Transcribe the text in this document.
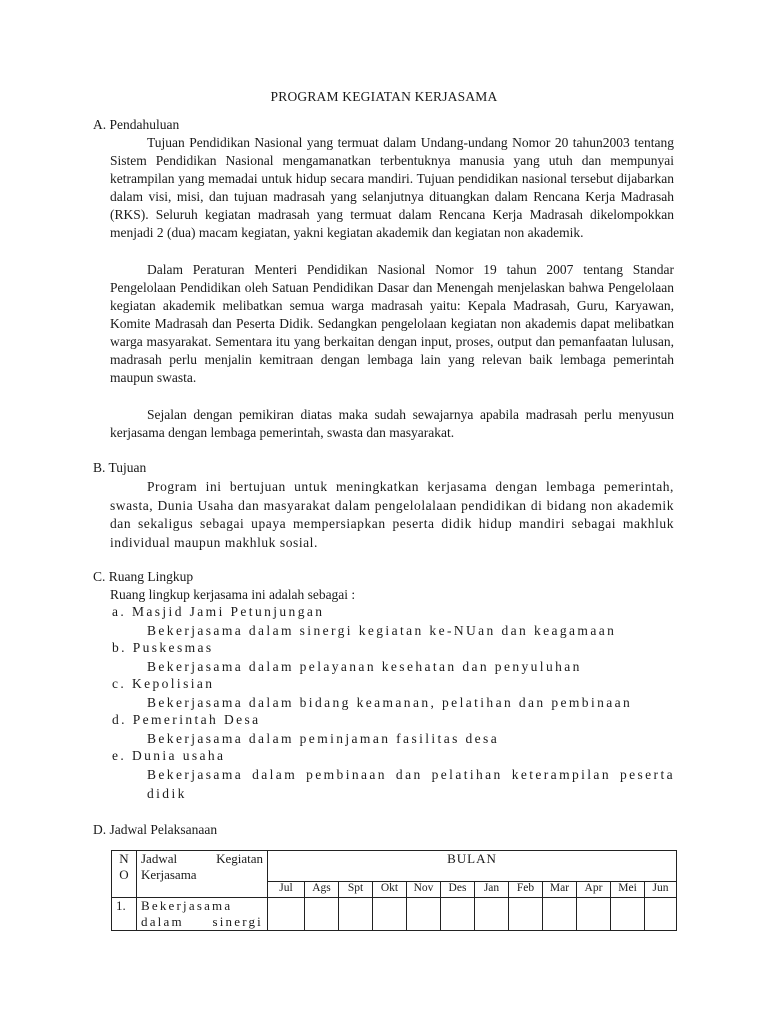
PROGRAM KEGIATAN KERJASAMA
A. Pendahuluan

Tujuan Pendidikan Nasional yang termuat dalam Undang-undang Nomor 20 tahun2003 tentang Sistem Pendidikan Nasional mengamanatkan terbentuknya manusia yang utuh dan mempunyai ketrampilan yang memadai untuk hidup secara mandiri. Tujuan pendidikan nasional tersebut dijabarkan dalam visi, misi, dan tujuan madrasah yang selanjutnya dituangkan dalam Rencana Kerja Madrasah (RKS). Seluruh kegiatan madrasah yang termuat dalam Rencana Kerja Madrasah dikelompokkan menjadi 2 (dua) macam kegiatan, yakni kegiatan akademik dan kegiatan non akademik.

Dalam Peraturan Menteri Pendidikan Nasional Nomor 19 tahun 2007 tentang Standar Pengelolaan Pendidikan oleh Satuan Pendidikan Dasar dan Menengah menjelaskan bahwa Pengelolaan kegiatan akademik melibatkan semua warga madrasah yaitu: Kepala Madrasah, Guru, Karyawan, Komite Madrasah dan Peserta Didik. Sedangkan pengelolaan kegiatan non akademis dapat melibatkan warga masyarakat. Sementara itu yang berkaitan dengan input, proses, output dan pemanfaatan lulusan, madrasah perlu menjalin kemitraan dengan lembaga lain yang relevan baik lembaga pemerintah maupun swasta.

Sejalan dengan pemikiran diatas maka sudah sewajarnya apabila madrasah perlu menyusun kerjasama dengan lembaga pemerintah, swasta dan masyarakat.

B. Tujuan

Program ini bertujuan untuk meningkatkan kerjasama dengan lembaga pemerintah, swasta, Dunia Usaha dan masyarakat dalam pengelolalaan pendidikan di bidang non akademik dan sekaligus sebagai upaya mempersiapkan peserta didik hidup mandiri sebagai makhluk individual maupun makhluk sosial.

C. Ruang Lingkup
Ruang lingkup kerjasama ini adalah sebagai :
a. Masjid Jami Petunjungan
Bekerjasama dalam sinergi kegiatan ke-NUan dan keagamaan
b. Puskesmas
Bekerjasama dalam pelayanan kesehatan dan penyuluhan
c. Kepolisian
Bekerjasama dalam bidang keamanan, pelatihan dan pembinaan
d. Pemerintah Desa
Bekerjasama dalam peminjaman fasilitas desa
e. Dunia usaha
Bekerjasama dalam pembinaan dan pelatihan keterampilan peserta didik
D. Jadwal Pelaksanaan
N O	Jadwal Kegiatan Kerjasama	BULAN											
		Jul	Ags	Spt	Okt	Nov	Des	Jan	Feb	Mar	Apr	Mei	Jun
1.	Bekerjasama dalam sinergi												
